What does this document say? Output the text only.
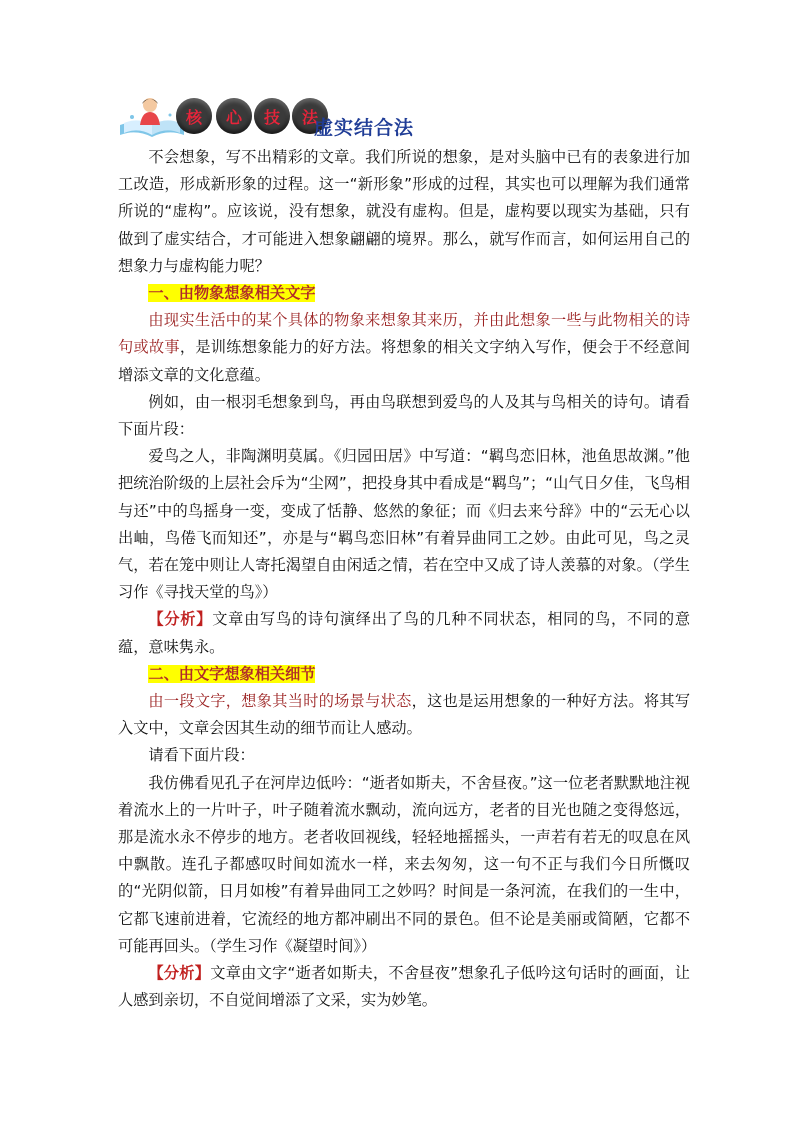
核	心	技	法
虚实结合法

不会想象，写不出精彩的文章。我们所说的想象，是对头脑中已有的表象进行加工改造，形成新形象的过程。这一“新形象”形成的过程，其实也可以理解为我们通常所说的“虚构”。应该说，没有想象，就没有虚构。但是，虚构要以现实为基础，只有做到了虚实结合，才可能进入想象翩翩的境界。那么，就写作而言，如何运用自己的想象力与虚构能力呢？

一、由物象想象相关文字

由现实生活中的某个具体的物象来想象其来历，并由此想象一些与此物相关的诗句或故事，是训练想象能力的好方法。将想象的相关文字纳入写作，便会于不经意间增添文章的文化意蕴。

例如，由一根羽毛想象到鸟，再由鸟联想到爱鸟的人及其与鸟相关的诗句。请看下面片段：

爱鸟之人，非陶渊明莫属。《归园田居》中写道：“羁鸟恋旧林，池鱼思故渊。”他把统治阶级的上层社会斥为“尘网”，把投身其中看成是“羁鸟”；“山气日夕佳，飞鸟相与还”中的鸟摇身一变，变成了恬静、悠然的象征；而《归去来兮辞》中的“云无心以出岫，鸟倦飞而知还”，亦是与“羁鸟恋旧林”有着异曲同工之妙。由此可见，鸟之灵气，若在笼中则让人寄托渴望自由闲适之情，若在空中又成了诗人羡慕的对象。（学生习作《寻找天堂的鸟》）

【分析】文章由写鸟的诗句演绎出了鸟的几种不同状态，相同的鸟，不同的意蕴，意味隽永。

二、由文字想象相关细节

由一段文字，想象其当时的场景与状态，这也是运用想象的一种好方法。将其写入文中，文章会因其生动的细节而让人感动。

请看下面片段：

我仿佛看见孔子在河岸边低吟：“逝者如斯夫，不舍昼夜。”这一位老者默默地注视着流水上的一片叶子，叶子随着流水飘动，流向远方，老者的目光也随之变得悠远，那是流水永不停步的地方。老者收回视线，轻轻地摇摇头，一声若有若无的叹息在风中飘散。连孔子都感叹时间如流水一样，来去匆匆，这一句不正与我们今日所慨叹的“光阴似箭，日月如梭”有着异曲同工之妙吗？时间是一条河流，在我们的一生中，它都飞速前进着，它流经的地方都冲刷出不同的景色。但不论是美丽或简陋，它都不可能再回头。（学生习作《凝望时间》）

【分析】文章由文字“逝者如斯夫，不舍昼夜”想象孔子低吟这句话时的画面，让人感到亲切，不自觉间增添了文采，实为妙笔。
